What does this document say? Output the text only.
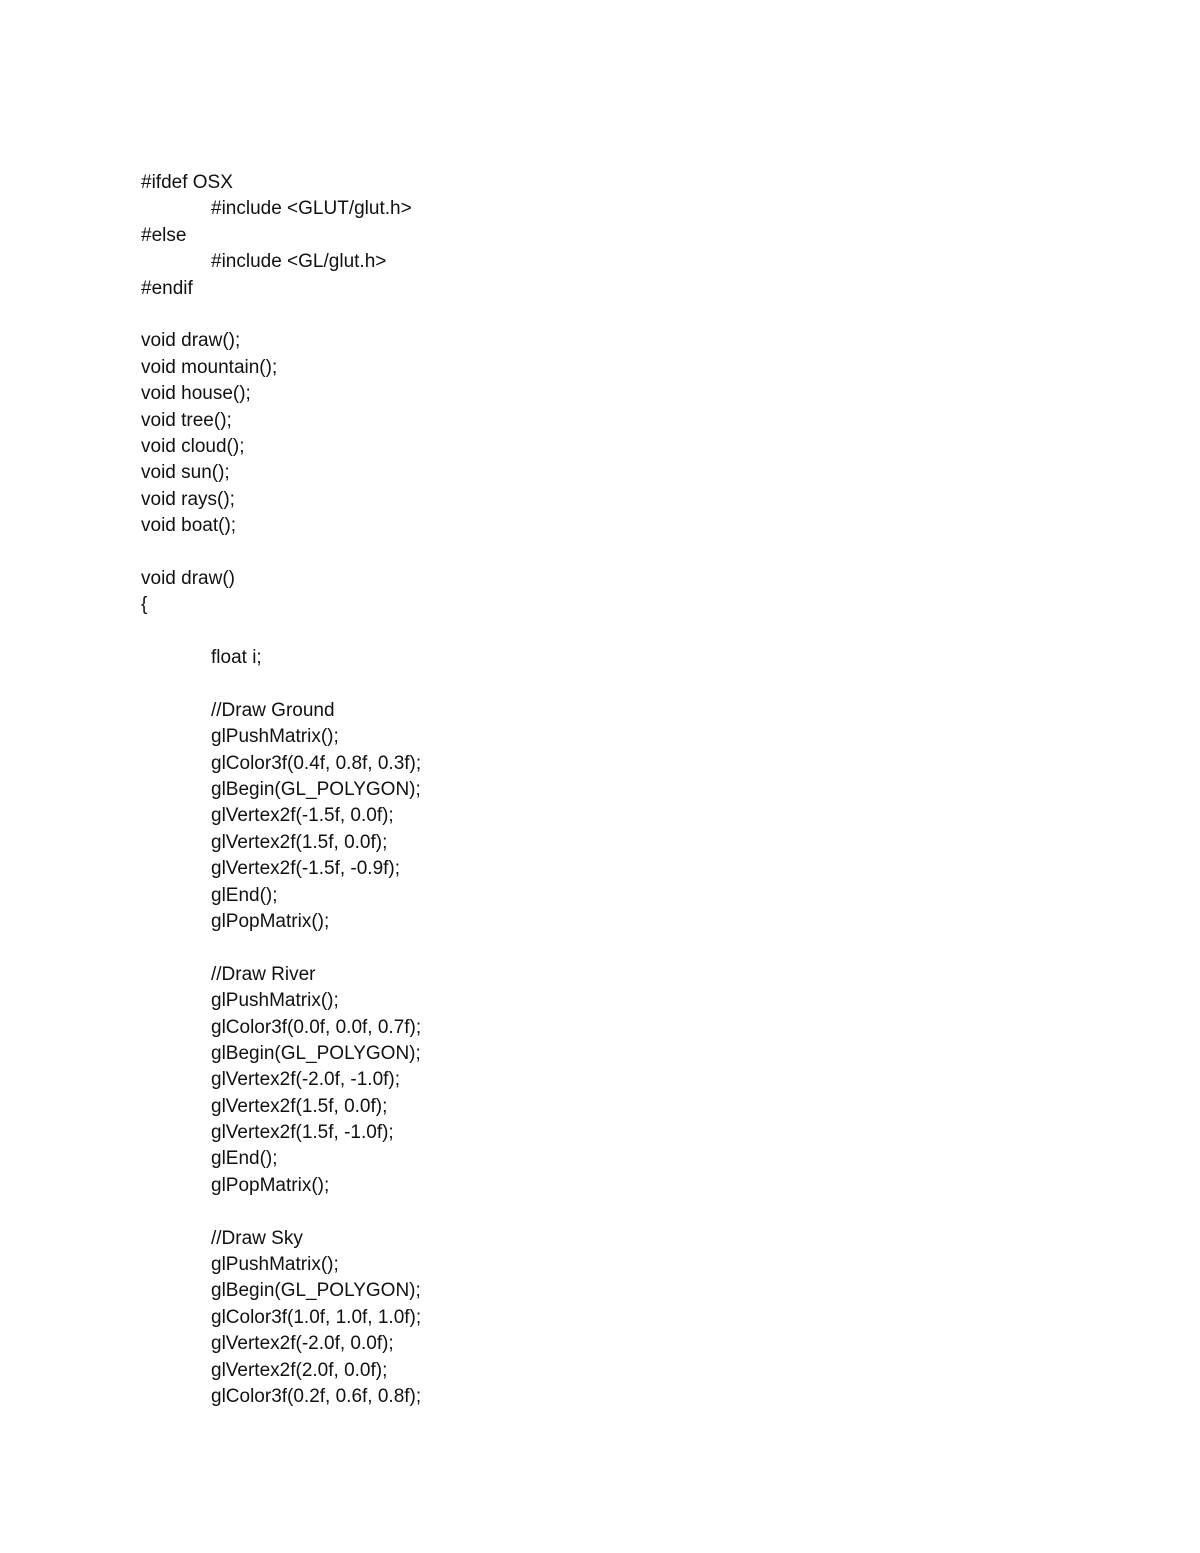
#ifdef OSX
#include <GLUT/glut.h>
#else
#include <GL/glut.h>
#endif
void draw();
void mountain();
void house();
void tree();
void cloud();
void sun();
void rays();
void boat();
void draw()
{
float i;
//Draw Ground
glPushMatrix();
glColor3f(0.4f, 0.8f, 0.3f);
glBegin(GL_POLYGON);
glVertex2f(-1.5f, 0.0f);
glVertex2f(1.5f, 0.0f);
glVertex2f(-1.5f, -0.9f);
glEnd();
glPopMatrix();
//Draw River
glPushMatrix();
glColor3f(0.0f, 0.0f, 0.7f);
glBegin(GL_POLYGON);
glVertex2f(-2.0f, -1.0f);
glVertex2f(1.5f, 0.0f);
glVertex2f(1.5f, -1.0f);
glEnd();
glPopMatrix();
//Draw Sky
glPushMatrix();
glBegin(GL_POLYGON);
glColor3f(1.0f, 1.0f, 1.0f);
glVertex2f(-2.0f, 0.0f);
glVertex2f(2.0f, 0.0f);
glColor3f(0.2f, 0.6f, 0.8f);
